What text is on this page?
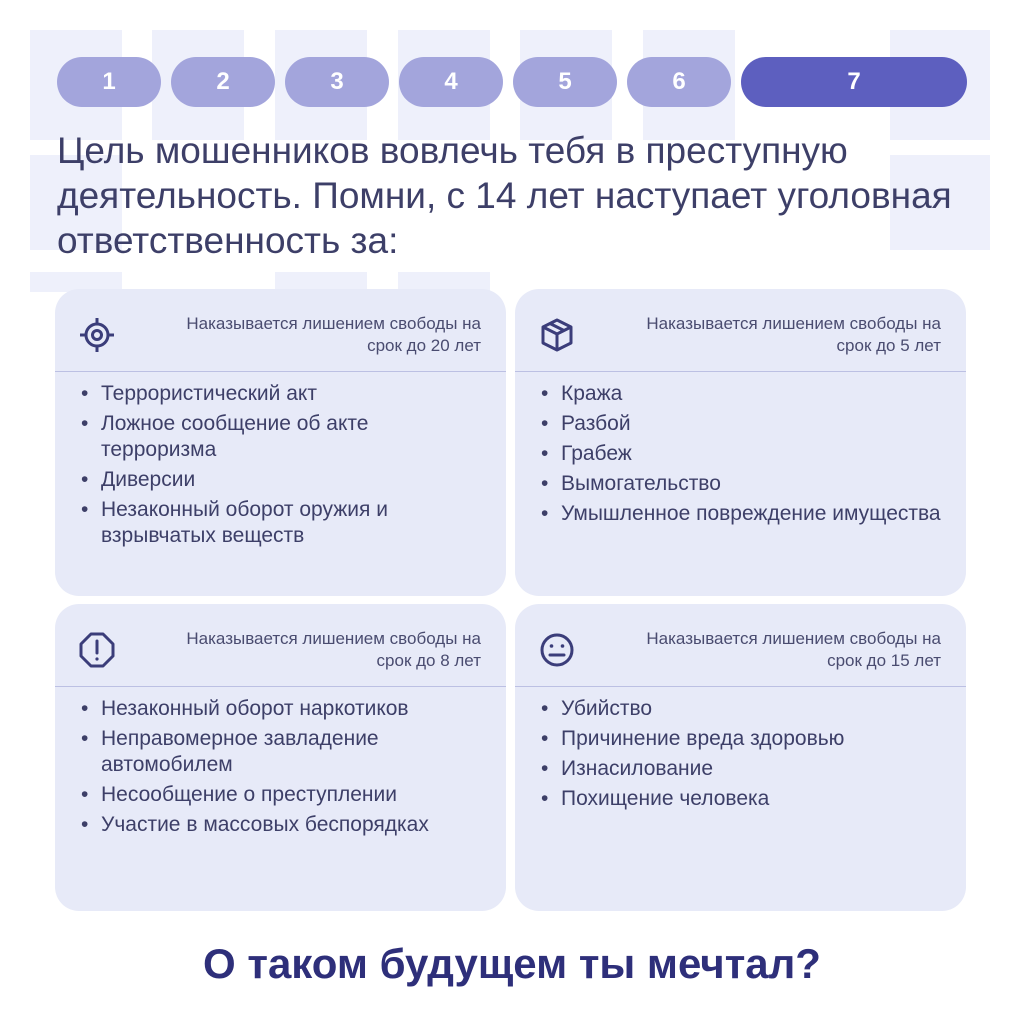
1	2	3	4	5	6	7
Цель мошенников вовлечь тебя в преступную деятельность. Помни, с 14 лет наступает уголовная ответственность за:
Наказывается лишением свободы на срок до 20 лет
• Террористический акт
• Ложное сообщение об акте терроризма
• Диверсии
• Незаконный оборот оружия и взрывчатых веществ
Наказывается лишением свободы на срок до 5 лет
• Кража
• Разбой
• Грабеж
• Вымогательство
• Умышленное повреждение имущества
Наказывается лишением свободы на срок до 8 лет
• Незаконный оборот наркотиков
• Неправомерное завладение автомобилем
• Несообщение о преступлении
• Участие в массовых беспорядках
Наказывается лишением свободы на срок до 15 лет
• Убийство
• Причинение вреда здоровью
• Изнасилование
• Похищение человека

О таком будущем ты мечтал?
